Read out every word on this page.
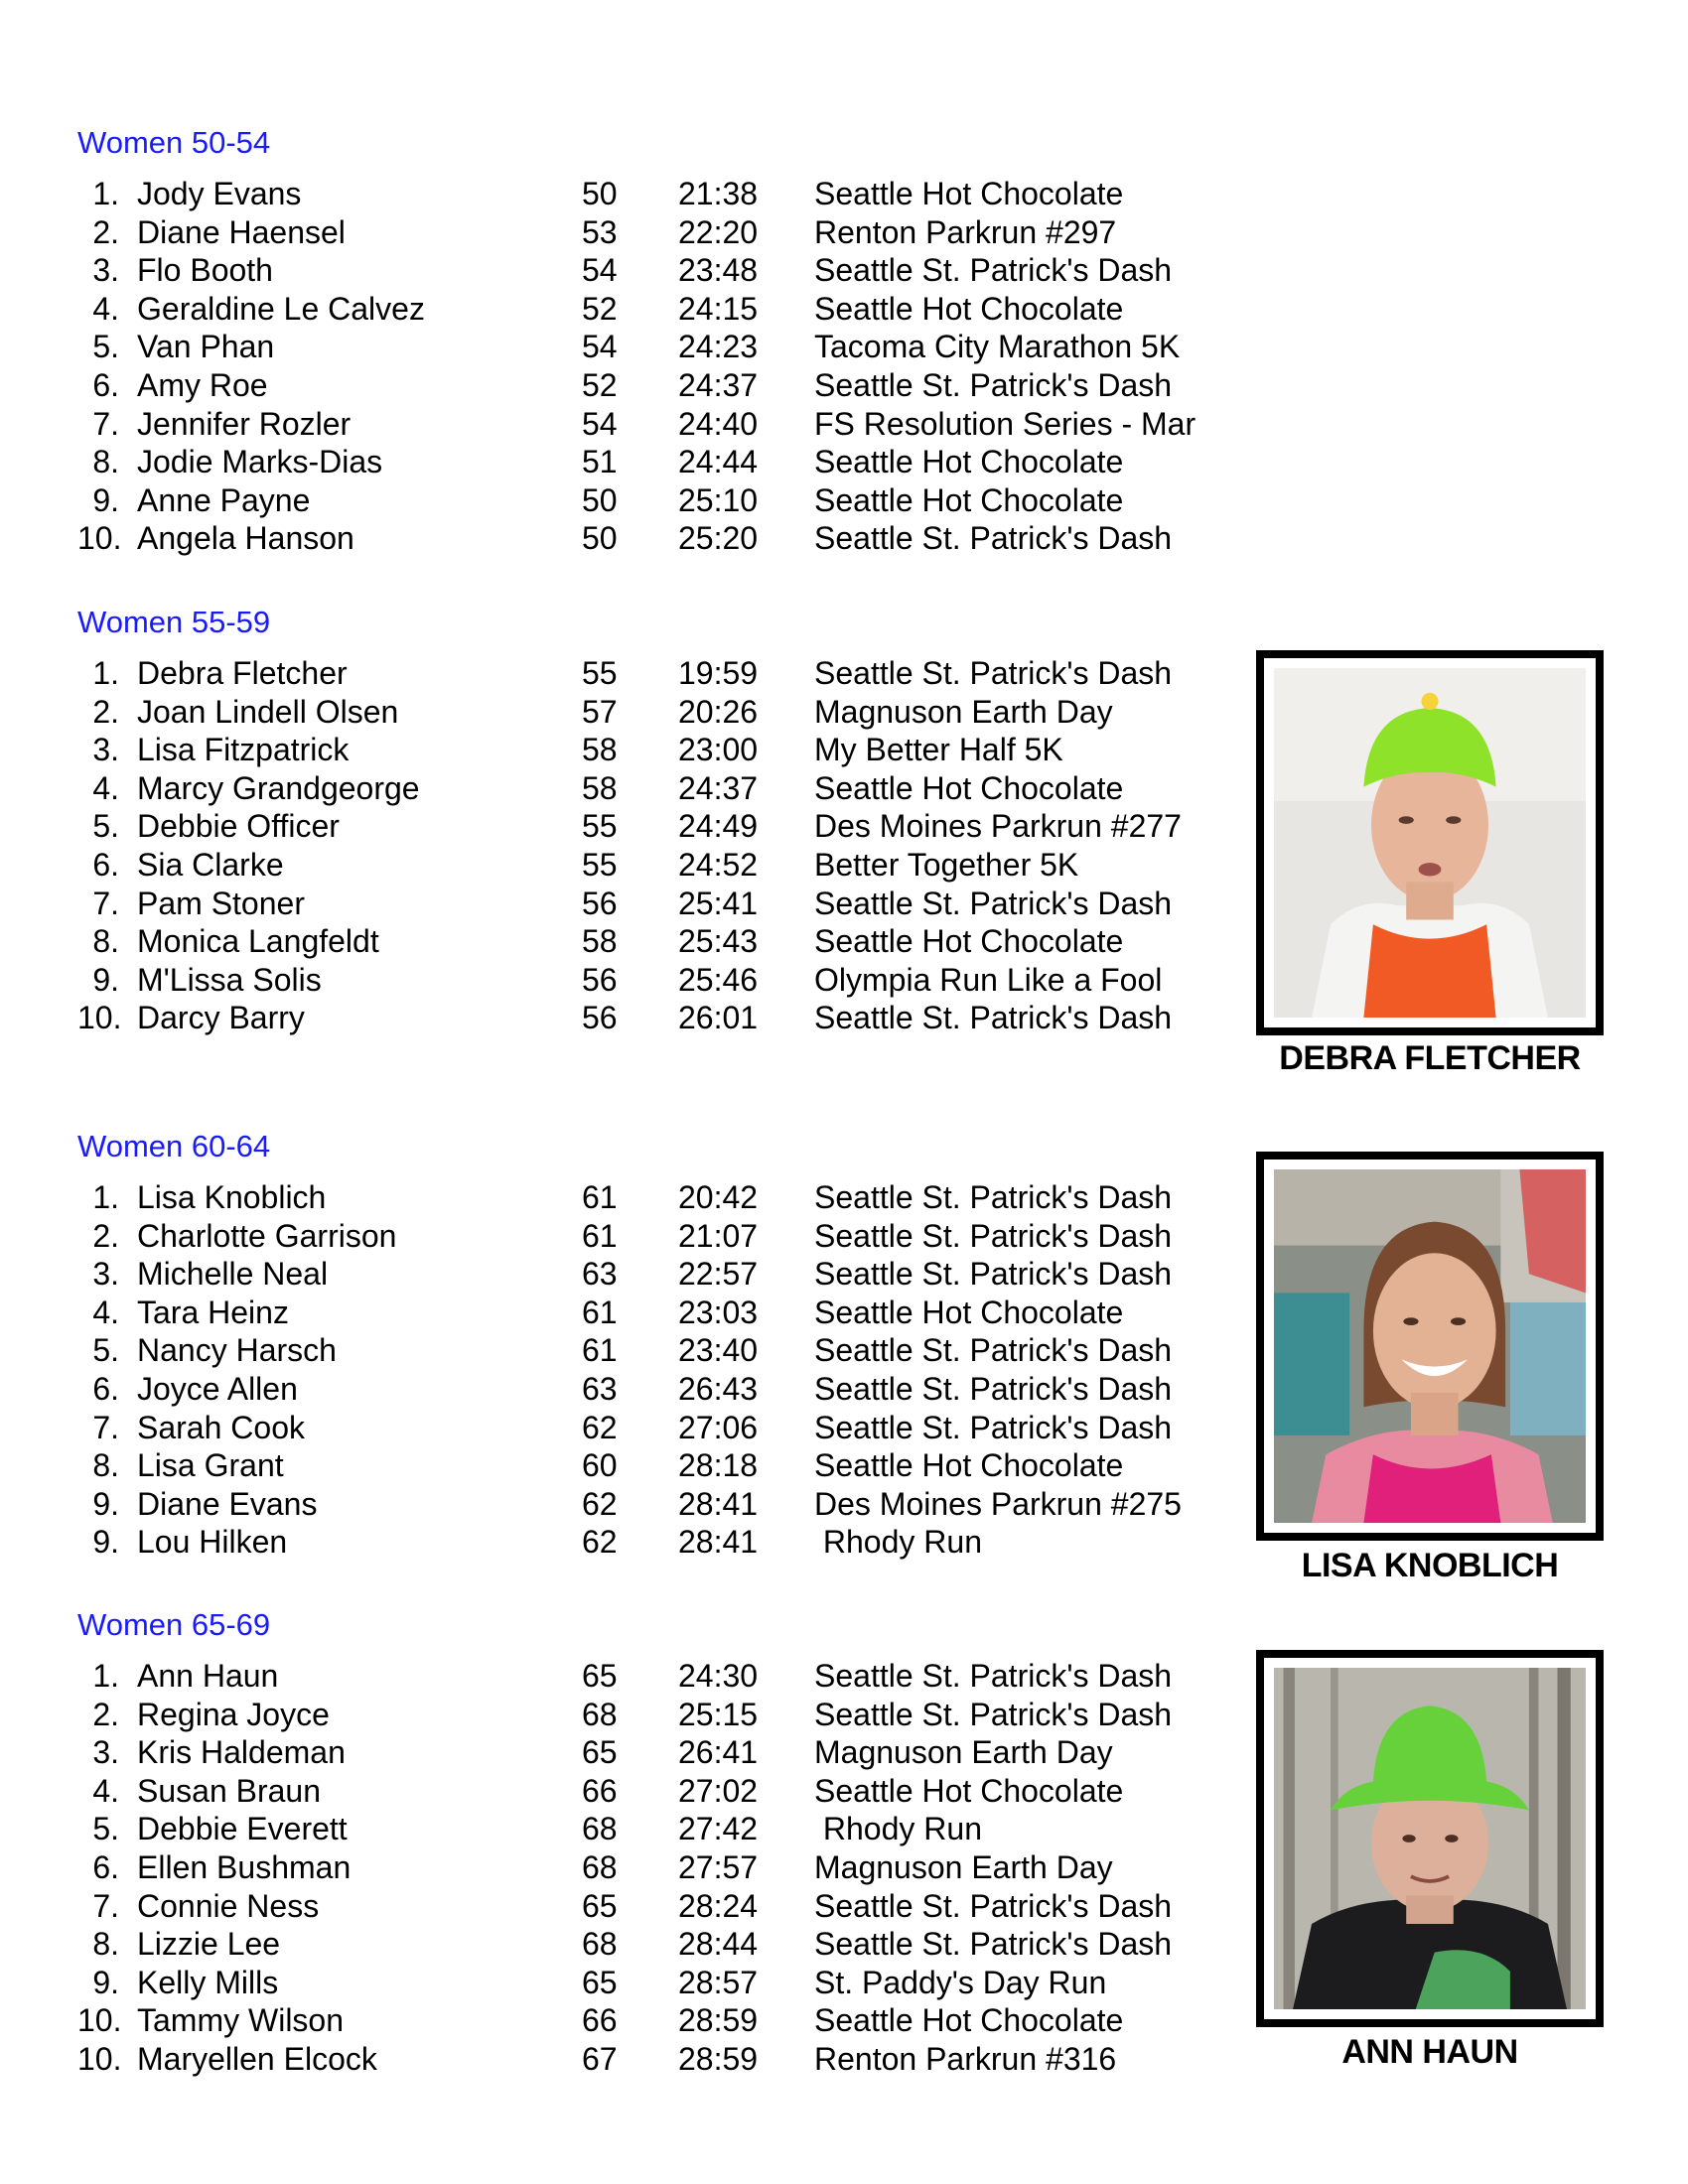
Women 50-54
1. Jody Evans	50 21:38 Seattle Hot Chocolate
2. Diane Haensel	53 22:20 Renton Parkrun #297
3. Flo Booth	54 23:48 Seattle St. Patrick's Dash
4. Geraldine Le Calvez	52 24:15 Seattle Hot Chocolate
5. Van Phan	54 24:23 Tacoma City Marathon 5K
6. Amy Roe	52 24:37 Seattle St. Patrick's Dash
7. Jennifer Rozler	54 24:40 FS Resolution Series - Mar
8. Jodie Marks-Dias	51 24:44 Seattle Hot Chocolate
9. Anne Payne	50 25:10 Seattle Hot Chocolate
10. Angela Hanson	50 25:20 Seattle St. Patrick's Dash
Women 55-59
1. Debra Fletcher	55 19:59 Seattle St. Patrick's Dash
2. Joan Lindell Olsen	57 20:26 Magnuson Earth Day
3. Lisa Fitzpatrick	58 23:00 My Better Half 5K
4. Marcy Grandgeorge	58 24:37 Seattle Hot Chocolate
5. Debbie Officer	55 24:49 Des Moines Parkrun #277
6. Sia Clarke	55 24:52 Better Together 5K
7. Pam Stoner	56 25:41 Seattle St. Patrick's Dash
8. Monica Langfeldt	58 25:43 Seattle Hot Chocolate
9. M'Lissa Solis	56 25:46 Olympia Run Like a Fool
10. Darcy Barry	56 26:01 Seattle St. Patrick's Dash
Women 60-64
1. Lisa Knoblich	61 20:42 Seattle St. Patrick's Dash
2. Charlotte Garrison	61 21:07 Seattle St. Patrick's Dash
3. Michelle Neal	63 22:57 Seattle St. Patrick's Dash
4. Tara Heinz	61 23:03 Seattle Hot Chocolate
5. Nancy Harsch	61 23:40 Seattle St. Patrick's Dash
6. Joyce Allen	63 26:43 Seattle St. Patrick's Dash
7. Sarah Cook	62 27:06 Seattle St. Patrick's Dash
8. Lisa Grant	60 28:18 Seattle Hot Chocolate
9. Diane Evans	62 28:41 Des Moines Parkrun #275
9. Lou Hilken	62 28:41 Rhody Run
Women 65-69
1. Ann Haun	65 24:30 Seattle St. Patrick's Dash
2. Regina Joyce	68 25:15 Seattle St. Patrick's Dash
3. Kris Haldeman	65 26:41 Magnuson Earth Day
4. Susan Braun	66 27:02 Seattle Hot Chocolate
5. Debbie Everett	68 27:42 Rhody Run
6. Ellen Bushman	68 27:57 Magnuson Earth Day
7. Connie Ness	65 28:24 Seattle St. Patrick's Dash
8. Lizzie Lee	68 28:44 Seattle St. Patrick's Dash
9. Kelly Mills	65 28:57 St. Paddy's Day Run
10. Tammy Wilson	66 28:59 Seattle Hot Chocolate
10. Maryellen Elcock	67 28:59 Renton Parkrun #316
DEBRA FLETCHER
LISA KNOBLICH
ANN HAUN
